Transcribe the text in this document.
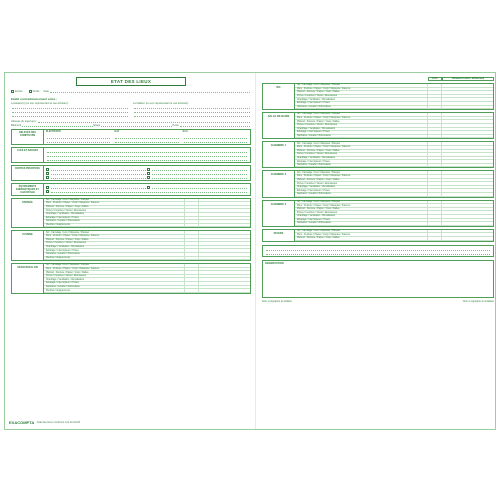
ETAT DES LIEUX
Entrée	Sortie Date
Etabli contradictoirement entre :
Locataire(s) (ou son représentant le cas échéant) :	Le bailleur (ou son représentant le cas échéant) :
Adresse du logement :
Bâtiment	Etage	Porte
RELEVÉS DES COMPTEURS
ELECTRICITÉ	GAZ	EAU
CLÉS ET BADGES
PARTIES PRIVATIVES
ÉQUIPEMENTS ÉNERGÉTIQUES ET CHAUFFAGE
ENTRÉE
Sol : Carrelage / Lino / Moquette / Parquet
Murs : Peinture / Papier / Crépi / Moquette / Faïence
Plafond : Peinture / Papier / Crépi / Dalles
Portes / Fenêtres / Volets / Menuiseries
Chauffage / Ventilation / Climatisation
Eclairage / Interrupteurs / Prises
Sanitaires / Lavabo / Robinetterie
Meubles / Equipements
CUISINE
Sol : Carrelage / Lino / Moquette / Parquet
Murs : Peinture / Papier / Crépi / Moquette / Faïence
Plafond : Peinture / Papier / Crépi / Dalles
Portes / Fenêtres / Volets / Menuiseries
Chauffage / Ventilation / Climatisation
Eclairage / Interrupteurs / Prises
Sanitaires / Lavabo / Robinetterie
Meubles / Equipements
SÉJOUR/SALON
Sol : Carrelage / Lino / Moquette / Parquet
Murs : Peinture / Papier / Crépi / Moquette / Faïence
Plafond : Peinture / Papier / Crépi / Dalles
Portes / Fenêtres / Volets / Menuiseries
Chauffage / Ventilation / Climatisation
Eclairage / Interrupteurs / Prises
Sanitaires / Lavabo / Robinetterie
Meubles / Equipements
ETAT	OBSERVATIONS / RÉSERVES
WC
Sol : Carrelage / Lino / Moquette / Parquet
Murs : Peinture / Papier / Crépi / Moquette / Faïence
Plafond : Peinture / Papier / Crépi / Dalles
Portes / Fenêtres / Volets / Menuiseries
Chauffage / Ventilation / Climatisation
Eclairage / Interrupteurs / Prises
Sanitaires / Lavabo / Robinetterie
SALLE DE BAINS
Sol : Carrelage / Lino / Moquette / Parquet
Murs : Peinture / Papier / Crépi / Moquette / Faïence
Plafond : Peinture / Papier / Crépi / Dalles
Portes / Fenêtres / Volets / Menuiseries
Chauffage / Ventilation / Climatisation
Eclairage / Interrupteurs / Prises
Sanitaires / Lavabo / Robinetterie
CHAMBRE 1
Sol : Carrelage / Lino / Moquette / Parquet
Murs : Peinture / Papier / Crépi / Moquette / Faïence
Plafond : Peinture / Papier / Crépi / Dalles
Portes / Fenêtres / Volets / Menuiseries
Chauffage / Ventilation / Climatisation
Eclairage / Interrupteurs / Prises
Sanitaires / Lavabo / Robinetterie
CHAMBRE 2
Sol : Carrelage / Lino / Moquette / Parquet
Murs : Peinture / Papier / Crépi / Moquette / Faïence
Plafond : Peinture / Papier / Crépi / Dalles
Portes / Fenêtres / Volets / Menuiseries
Chauffage / Ventilation / Climatisation
Eclairage / Interrupteurs / Prises
Sanitaires / Lavabo / Robinetterie
CHAMBRE 3
Sol : Carrelage / Lino / Moquette / Parquet
Murs : Peinture / Papier / Crépi / Moquette / Faïence
Plafond : Peinture / Papier / Crépi / Dalles
Portes / Fenêtres / Volets / Menuiseries
Chauffage / Ventilation / Climatisation
Eclairage / Interrupteurs / Prises
Sanitaires / Lavabo / Robinetterie
DIVERS
Sol : Carrelage / Lino / Moquette / Parquet
Murs : Peinture / Papier / Crépi / Moquette / Faïence
Plafond : Peinture / Papier / Crépi / Dalles
OBSERVATION
Nom et signature du bailleur	Nom et signature du locataire
EXACOMPTA Etat des lieux conforme à la loi ALUR
